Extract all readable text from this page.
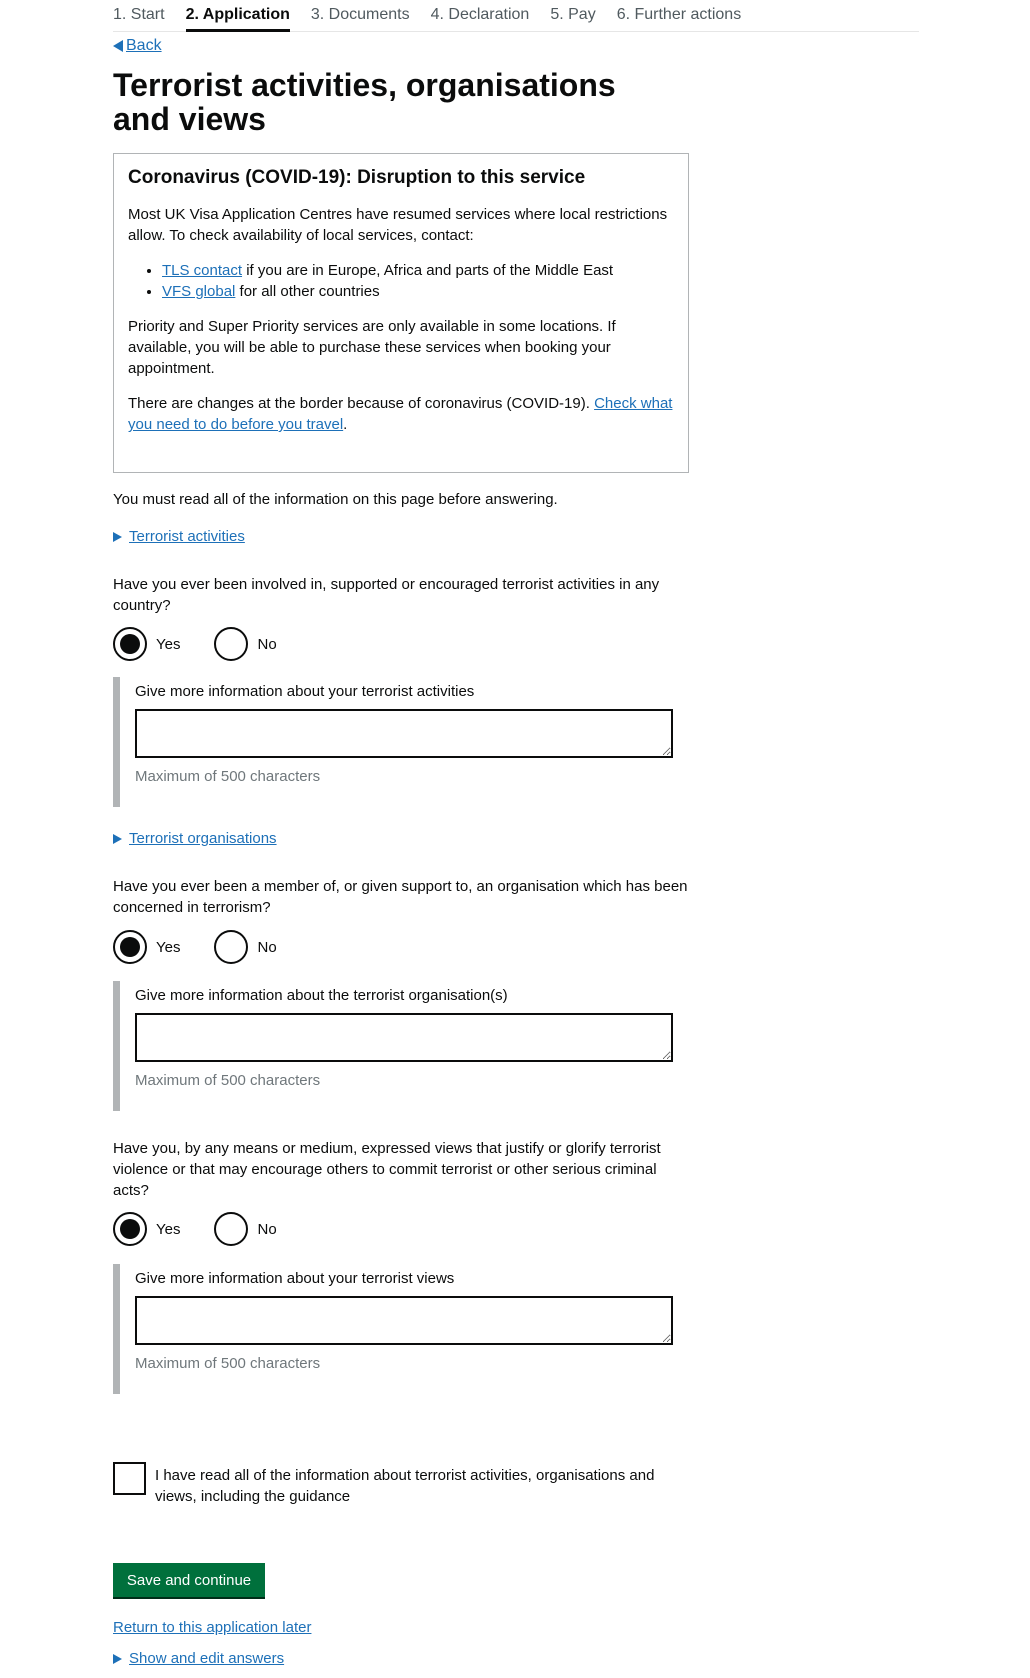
1. Start 2. Application 3. Documents 4. Declaration 5. Pay 6. Further actions
Back
Terrorist activities, organisations and views
Coronavirus (COVID-19): Disruption to this service

Most UK Visa Application Centres have resumed services where local restrictions allow. To check availability of local services, contact:

• TLS contact if you are in Europe, Africa and parts of the Middle East
• VFS global for all other countries

Priority and Super Priority services are only available in some locations. If available, you will be able to purchase these services when booking your appointment.

There are changes at the border because of coronavirus (COVID-19). Check what you need to do before you travel.

You must read all of the information on this page before answering.
Terrorist activities
Have you ever been involved in, supported or encouraged terrorist activities in any country?
Yes	No
Give more information about your terrorist activities
Maximum of 500 characters
Terrorist organisations
Have you ever been a member of, or given support to, an organisation which has been concerned in terrorism?
Yes	No
Give more information about the terrorist organisation(s)
Maximum of 500 characters
Have you, by any means or medium, expressed views that justify or glorify terrorist violence or that may encourage others to commit terrorist or other serious criminal acts?
Yes	No
Give more information about your terrorist views
Maximum of 500 characters
I have read all of the information about terrorist activities, organisations and views, including the guidance
Save and continue
Return to this application later
Show and edit answers
